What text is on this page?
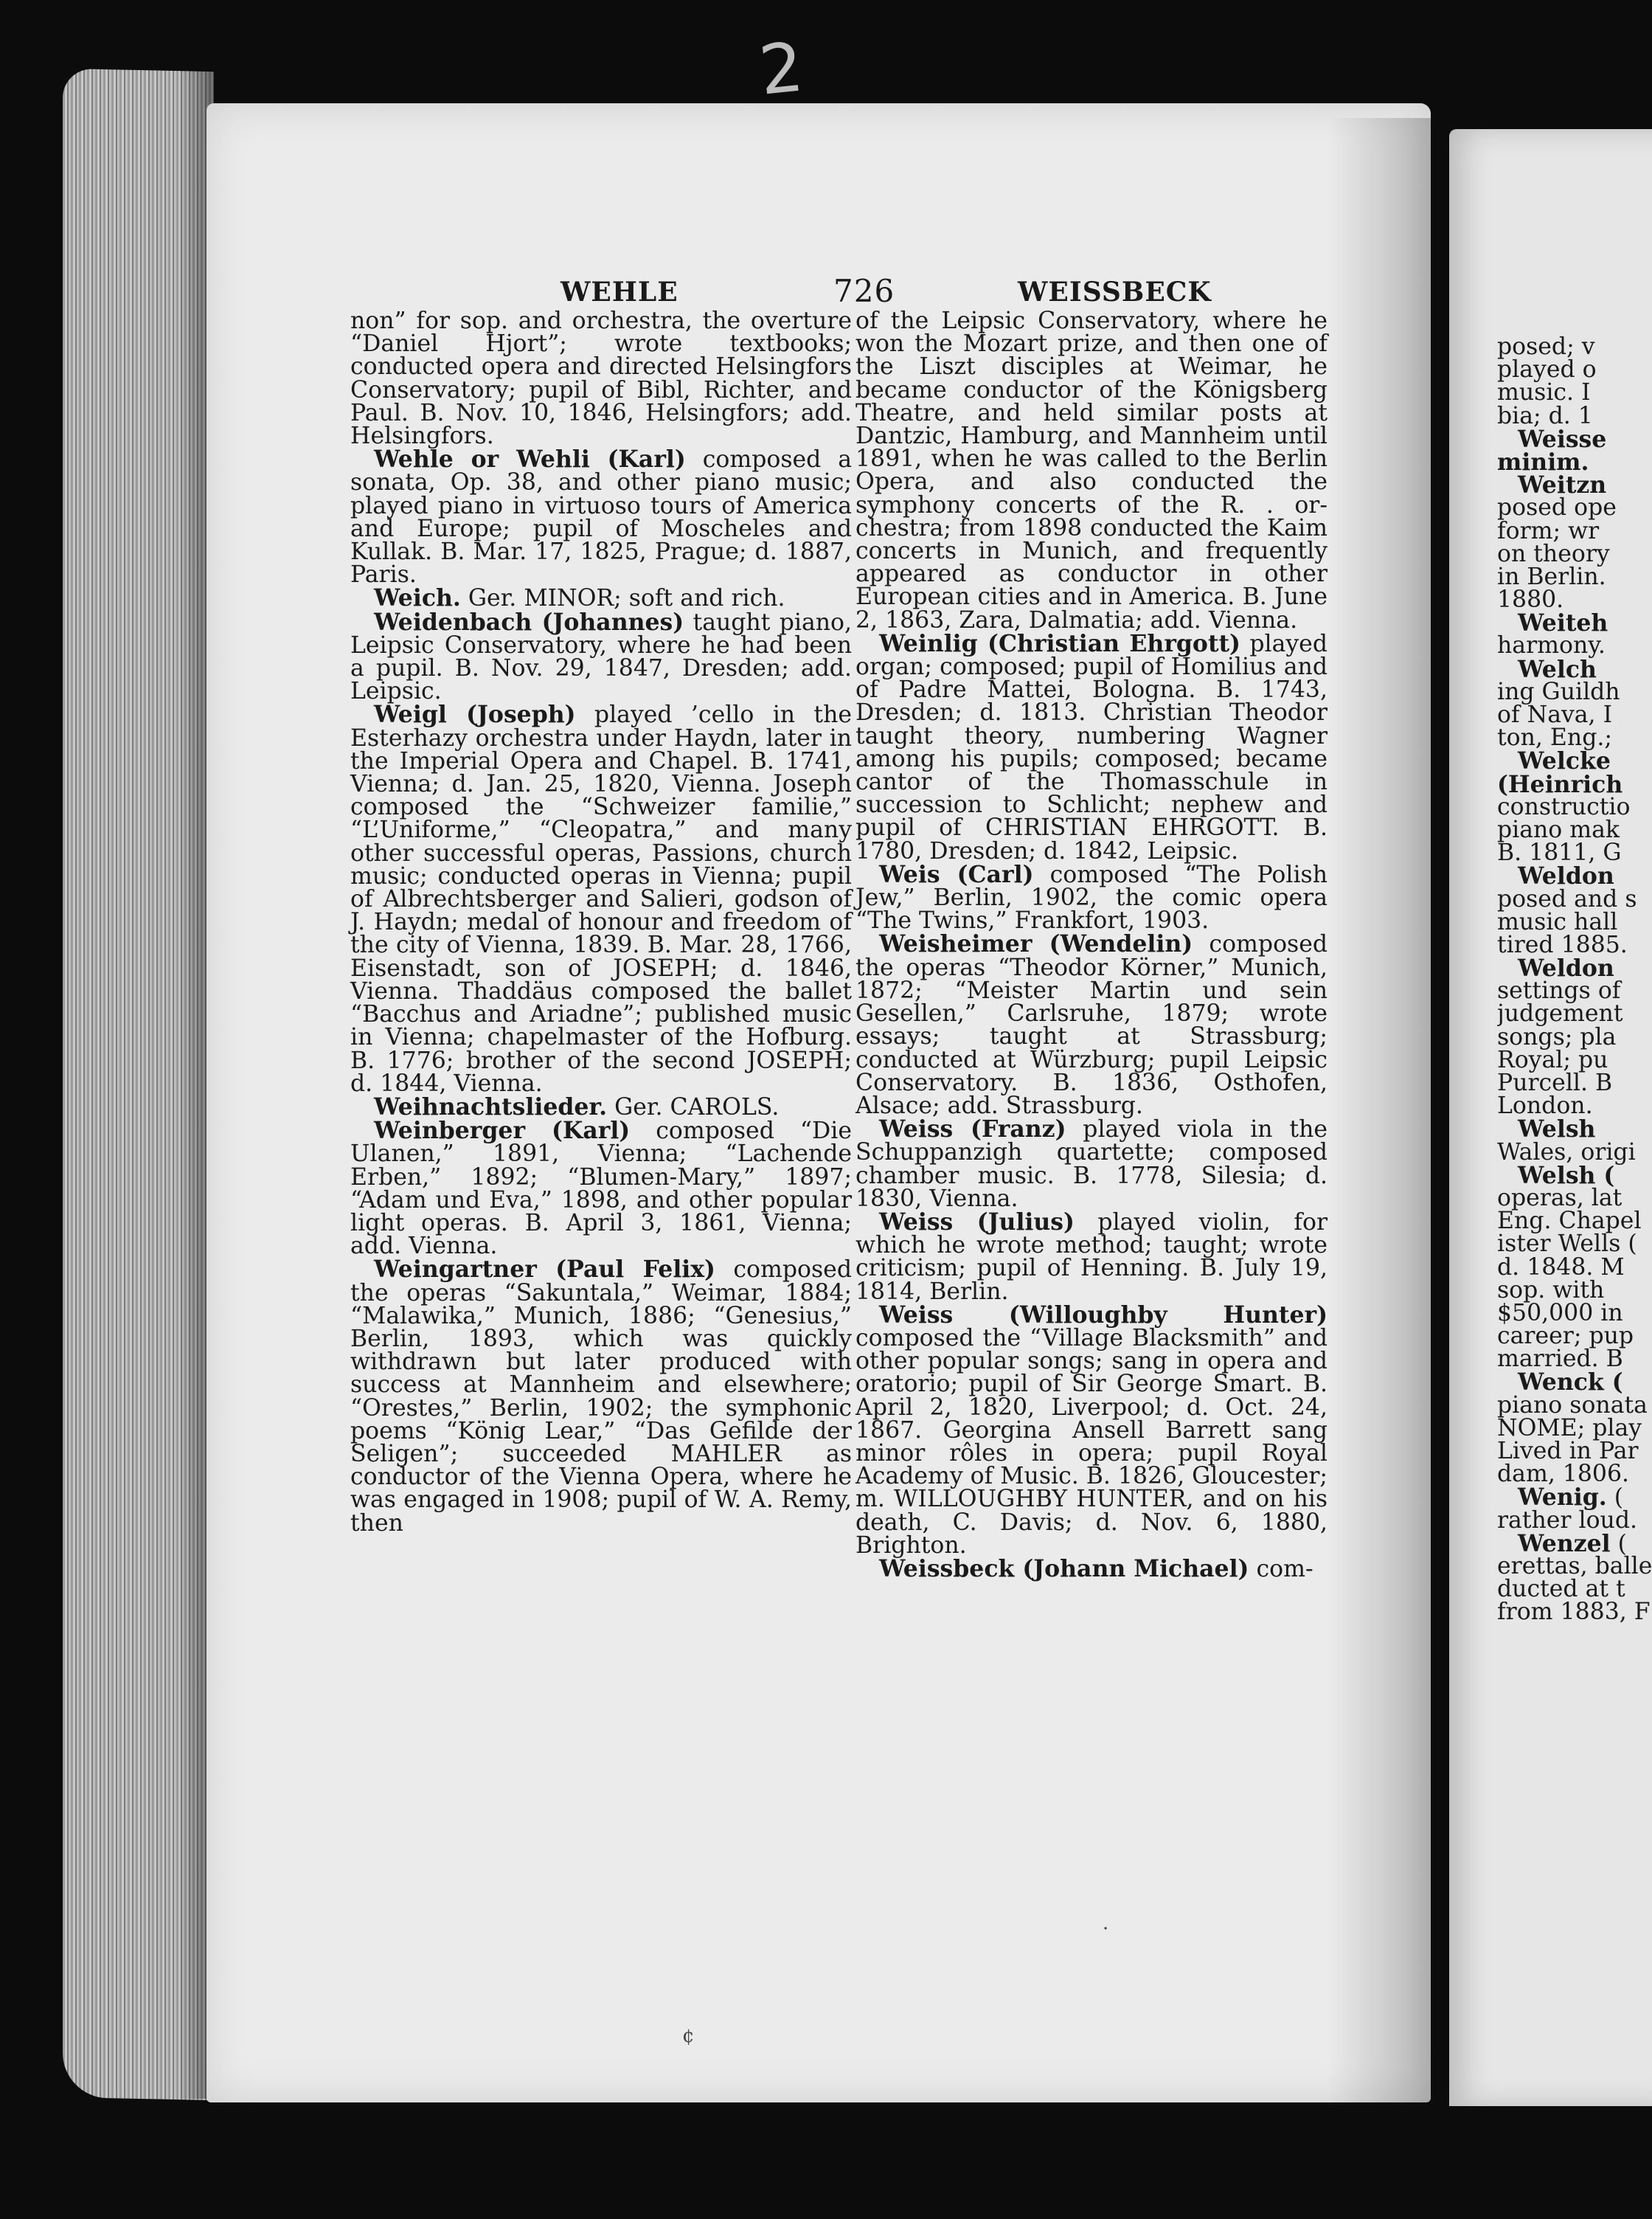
2
WEHLE	726	WEISSBECK

non” for sop. and orchestra, the overture “Daniel Hjort”; wrote textbooks; conducted opera and directed Helsingfors Conservatory; pupil of Bibl, Richter, and Paul. B. Nov. 10, 1846, Helsingfors; add. Helsingfors.

Wehle or Wehli (Karl) composed a sonata, Op. 38, and other piano music; played piano in virtuoso tours of America and Europe; pupil of Moscheles and Kullak. B. Mar. 17, 1825, Prague; d. 1887, Paris.

Weich. Ger. MINOR; soft and rich.

Weidenbach (Johannes) taught piano, Leipsic Conservatory, where he had been a pupil. B. Nov. 29, 1847, Dresden; add. Leipsic.

Weigl (Joseph) played ’cello in the Esterhazy orchestra under Haydn, later in the Imperial Opera and Chapel. B. 1741, Vienna; d. Jan. 25, 1820, Vienna. Joseph composed the “Schweizer familie,” “L’Uniforme,” “Cleopatra,” and many other successful operas, Passions, church music; conducted operas in Vienna; pupil of Albrechtsberger and Salieri, godson of J. Haydn; medal of honour and freedom of the city of Vienna, 1839. B. Mar. 28, 1766, Eisenstadt, son of JOSEPH; d. 1846, Vienna. Thaddäus composed the ballet “Bacchus and Ariadne”; published music in Vienna; chapelmaster of the Hofburg. B. 1776; brother of the second JOSEPH; d. 1844, Vienna.

Weihnachtslieder. Ger. CAROLS.

Weinberger (Karl) composed “Die Ulanen,” 1891, Vienna; “Lachende Erben,” 1892; “Blumen-Mary,” 1897; “Adam und Eva,” 1898, and other popular light operas. B. April 3, 1861, Vienna; add. Vienna.

Weingartner (Paul Felix) composed the operas “Sakuntala,” Weimar, 1884; “Malawika,” Munich, 1886; “Genesius,” Berlin, 1893, which was quickly withdrawn but later produced with success at Mannheim and elsewhere; “Orestes,” Berlin, 1902; the symphonic poems “König Lear,” “Das Gefilde der Seligen”; succeeded MAHLER as conductor of the Vienna Opera, where he was engaged in 1908; pupil of W. A. Remy, then

of the Leipsic Conservatory, where he won the Mozart prize, and then one of the Liszt disciples at Weimar, he became conductor of the Königsberg Theatre, and held similar posts at Dantzic, Hamburg, and Mannheim until 1891, when he was called to the Berlin Opera, and also conducted the symphony concerts of the R. . or-chestra; from 1898 conducted the Kaim concerts in Munich, and frequently appeared as conductor in other European cities and in America. B. June 2, 1863, Zara, Dalmatia; add. Vienna.

Weinlig (Christian Ehrgott) played organ; composed; pupil of Homilius and of Padre Mattei, Bologna. B. 1743, Dresden; d. 1813. Christian Theodor taught theory, numbering Wagner among his pupils; composed; became cantor of the Thomasschule in succession to Schlicht; nephew and pupil of CHRISTIAN EHRGOTT. B. 1780, Dresden; d. 1842, Leipsic.

Weis (Carl) composed “The Polish Jew,” Berlin, 1902, the comic opera “The Twins,” Frankfort, 1903.

Weisheimer (Wendelin) composed the operas “Theodor Körner,” Munich, 1872; “Meister Martin und sein Gesellen,” Carlsruhe, 1879; wrote essays; taught at Strassburg; conducted at Würzburg; pupil Leipsic Conservatory. B. 1836, Osthofen, Alsace; add. Strassburg.

Weiss (Franz) played viola in the Schuppanzigh quartette; composed chamber music. B. 1778, Silesia; d. 1830, Vienna.

Weiss (Julius) played violin, for which he wrote method; taught; wrote criticism; pupil of Henning. B. July 19, 1814, Berlin.

Weiss (Willoughby Hunter) composed the “Village Blacksmith” and other popular songs; sang in opera and oratorio; pupil of Sir George Smart. B. April 2, 1820, Liverpool; d. Oct. 24, 1867. Georgina Ansell Barrett sang minor rôles in opera; pupil Royal Academy of Music. B. 1826, Gloucester; m. WILLOUGHBY HUNTER, and on his death, C. Davis; d. Nov. 6, 1880, Brighton.

Weissbeck (Johann Michael) com-

posed; v
played o
music. I
bia; d. 1
Weisse
minim.
Weitzn
posed ope
form; wr
on theory
in Berlin.
1880.
Weiteh
harmony.
Welch
ing Guildh
of Nava, I
ton, Eng.;
Welcke
(Heinrich
constructio
piano mak
B. 1811, G
Weldon
posed and s
music hall
tired 1885.
Weldon
settings of
judgement
songs; pla
Royal; pu
Purcell. B
London.
Welsh
Wales, origi
Welsh (
operas, lat
Eng. Chapel
ister Wells (
d. 1848. M
sop. with
$50,000 in
career; pup
married. B
Wenck (
piano sonata
NOME; play
Lived in Par
dam, 1806.
Wenig. (
rather loud.
Wenzel (
erettas, balle
ducted at t
from 1883, F
¢
·
